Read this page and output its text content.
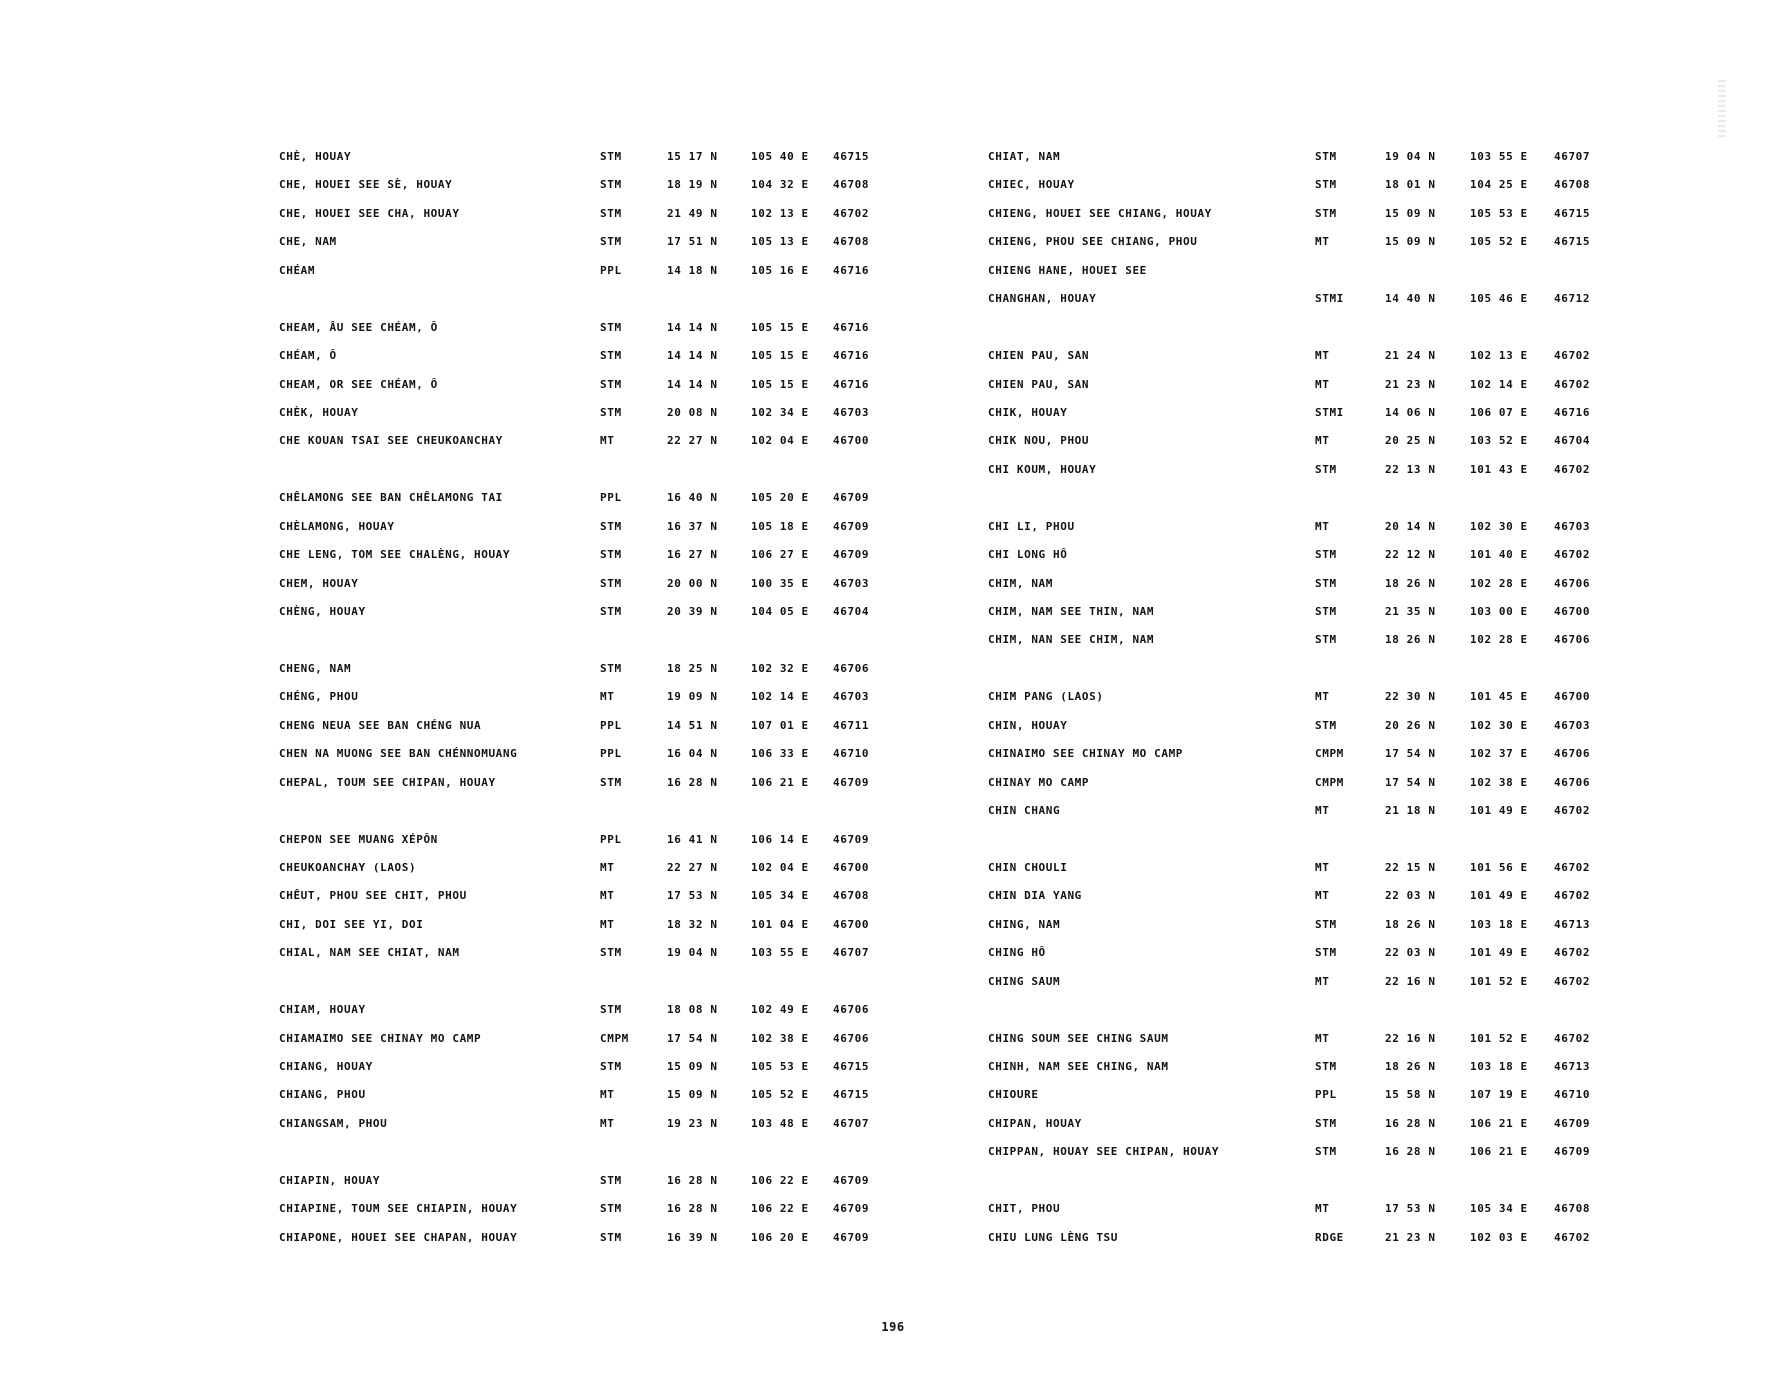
CHÈ, HOUAY	STM	15 17 N	105 40 E 46715
CHE, HOUEI SEE SÈ, HOUAY	STM	18 19 N	104 32 E 46708
CHE, HOUEI SEE CHA, HOUAY	STM	21 49 N	102 13 E 46702
CHE, NAM	STM	17 51 N	105 13 E 46708
CHÉAM	PPL	14 18 N	105 16 E 46716
CHEAM, ÂU SEE CHÉAM, Ô	STM	14 14 N	105 15 E 46716
CHÉAM, Ô	STM	14 14 N	105 15 E 46716
CHEAM, OR SEE CHÉAM, Ô	STM	14 14 N	105 15 E 46716
CHÈK, HOUAY	STM	20 08 N	102 34 E 46703
CHE KOUAN TSAI SEE CHEUKOANCHAY	MT	22 27 N	102 04 E 46700
CHÊLAMONG SEE BAN CHÊLAMONG TAI	PPL	16 40 N	105 20 E 46709
CHÈLAMONG, HOUAY	STM	16 37 N	105 18 E 46709
CHE LENG, TOM SEE CHALÈNG, HOUAY	STM	16 27 N	106 27 E 46709
CHEM, HOUAY	STM	20 00 N	100 35 E 46703
CHÈNG, HOUAY	STM	20 39 N	104 05 E 46704
CHENG, NAM	STM	18 25 N	102 32 E 46706
CHÉNG, PHOU	MT	19 09 N	102 14 E 46703
CHENG NEUA SEE BAN CHÉNG NUA	PPL	14 51 N	107 01 E 46711
CHEN NA MUONG SEE BAN CHÉNNOMUANG	PPL	16 04 N	106 33 E 46710
CHEPAL, TOUM SEE CHIPAN, HOUAY	STM	16 28 N	106 21 E 46709
CHEPON SEE MUANG XÉPÔN	PPL	16 41 N	106 14 E 46709
CHEUKOANCHAY (LAOS)	MT	22 27 N	102 04 E 46700
CHÊUT, PHOU SEE CHIT, PHOU	MT	17 53 N	105 34 E 46708
CHI, DOI SEE YI, DOI	MT	18 32 N	101 04 E 46700
CHIAL, NAM SEE CHIAT, NAM	STM	19 04 N	103 55 E 46707
CHIAM, HOUAY	STM	18 08 N	102 49 E 46706
CHIAMAIMO SEE CHINAY MO CAMP	CMPM	17 54 N	102 38 E 46706
CHIANG, HOUAY	STM	15 09 N	105 53 E 46715
CHIANG, PHOU	MT	15 09 N	105 52 E 46715
CHIANGSAM, PHOU	MT	19 23 N	103 48 E 46707
CHIAPIN, HOUAY	STM	16 28 N	106 22 E 46709
CHIAPINE, TOUM SEE CHIAPIN, HOUAY	STM	16 28 N	106 22 E 46709
CHIAPONE, HOUEI SEE CHAPAN, HOUAY	STM	16 39 N	106 20 E 46709
CHIAT, NAM	STM	19 04 N	103 55 E 46707
CHIEC, HOUAY	STM	18 01 N	104 25 E 46708
CHIENG, HOUEI SEE CHIANG, HOUAY	STM	15 09 N	105 53 E 46715
CHIENG, PHOU SEE CHIANG, PHOU	MT	15 09 N	105 52 E 46715
CHIENG HANE, HOUEI SEE
CHANGHAN, HOUAY	STMI	14 40 N	105 46 E 46712
CHIEN PAU, SAN	MT	21 24 N	102 13 E 46702
CHIEN PAU, SAN	MT	21 23 N	102 14 E 46702
CHIK, HOUAY	STMI	14 06 N	106 07 E 46716
CHIK NOU, PHOU	MT	20 25 N	103 52 E 46704
CHI KOUM, HOUAY	STM	22 13 N	101 43 E 46702
CHI LI, PHOU	MT	20 14 N	102 30 E 46703
CHI LONG HÔ	STM	22 12 N	101 40 E 46702
CHIM, NAM	STM	18 26 N	102 28 E 46706
CHIM, NAM SEE THIN, NAM	STM	21 35 N	103 00 E 46700
CHIM, NAN SEE CHIM, NAM	STM	18 26 N	102 28 E 46706
CHIM PANG (LAOS)	MT	22 30 N	101 45 E 46700
CHIN, HOUAY	STM	20 26 N	102 30 E 46703
CHINAIMO SEE CHINAY MO CAMP	CMPM	17 54 N	102 37 E 46706
CHINAY MO CAMP	CMPM	17 54 N	102 38 E 46706
CHIN CHANG	MT	21 18 N	101 49 E 46702
CHIN CHOULI	MT	22 15 N	101 56 E 46702
CHIN DIA YANG	MT	22 03 N	101 49 E 46702
CHING, NAM	STM	18 26 N	103 18 E 46713
CHING HÔ	STM	22 03 N	101 49 E 46702
CHING SAUM	MT	22 16 N	101 52 E 46702
CHING SOUM SEE CHING SAUM	MT	22 16 N	101 52 E 46702
CHINH, NAM SEE CHING, NAM	STM	18 26 N	103 18 E 46713
CHIOURE	PPL	15 58 N	107 19 E 46710
CHIPAN, HOUAY	STM	16 28 N	106 21 E 46709
CHIPPAN, HOUAY SEE CHIPAN, HOUAY	STM	16 28 N	106 21 E 46709
CHIT, PHOU	MT	17 53 N	105 34 E 46708
CHIU LUNG LÈNG TSU	RDGE	21 23 N	102 03 E 46702
196
